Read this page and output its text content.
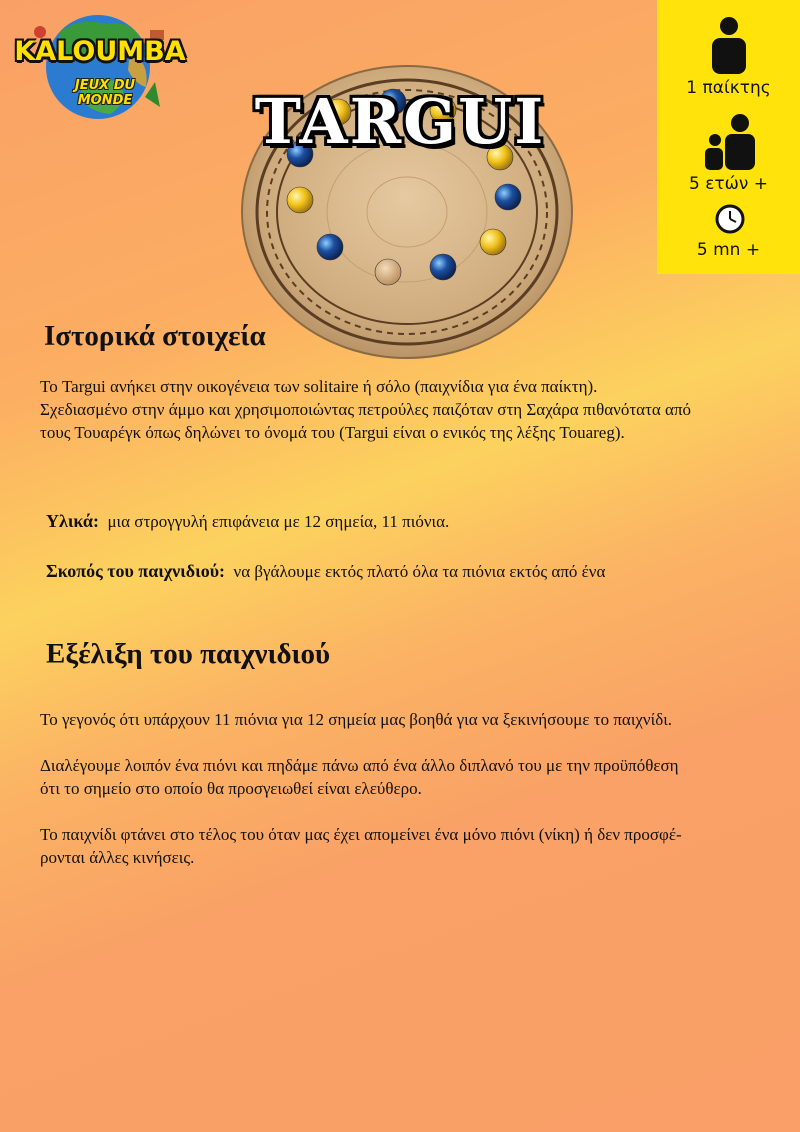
KALOUMBA
JEUX DU MONDE	TARGUI	1 παίκτης
5 ετών +
5 mn +
Ιστορικά στοιχεία
Το Targui ανήκει στην οικογένεια των solitaire ή σόλο (παιχνίδια για ένα παίκτη).
Σχεδιασμένο στην άμμο και χρησιμοποιώντας πετρούλες παιζόταν στη Σαχάρα πιθανότατα από
τους Τουαρέγκ όπως δηλώνει το όνομά του (Targui είναι ο ενικός της λέξης Touareg).
Υλικά: μια στρογγυλή επιφάνεια με 12 σημεία, 11 πιόνια.
Σκοπός του παιχνιδιού: να βγάλουμε εκτός πλατό όλα τα πιόνια εκτός από ένα
Εξέλιξη του παιχνιδιού
Το γεγονός ότι υπάρχουν 11 πιόνια για 12 σημεία μας βοηθά για να ξεκινήσουμε το παιχνίδι.
Διαλέγουμε λοιπόν ένα πιόνι και πηδάμε πάνω από ένα άλλο διπλανό του με την προϋπόθεση
ότι το σημείο στο οποίο θα προσγειωθεί είναι ελεύθερο.
Το παιχνίδι φτάνει στο τέλος του όταν μας έχει απομείνει ένα μόνο πιόνι (νίκη) ή δεν προσφέ-
ρονται άλλες κινήσεις.
